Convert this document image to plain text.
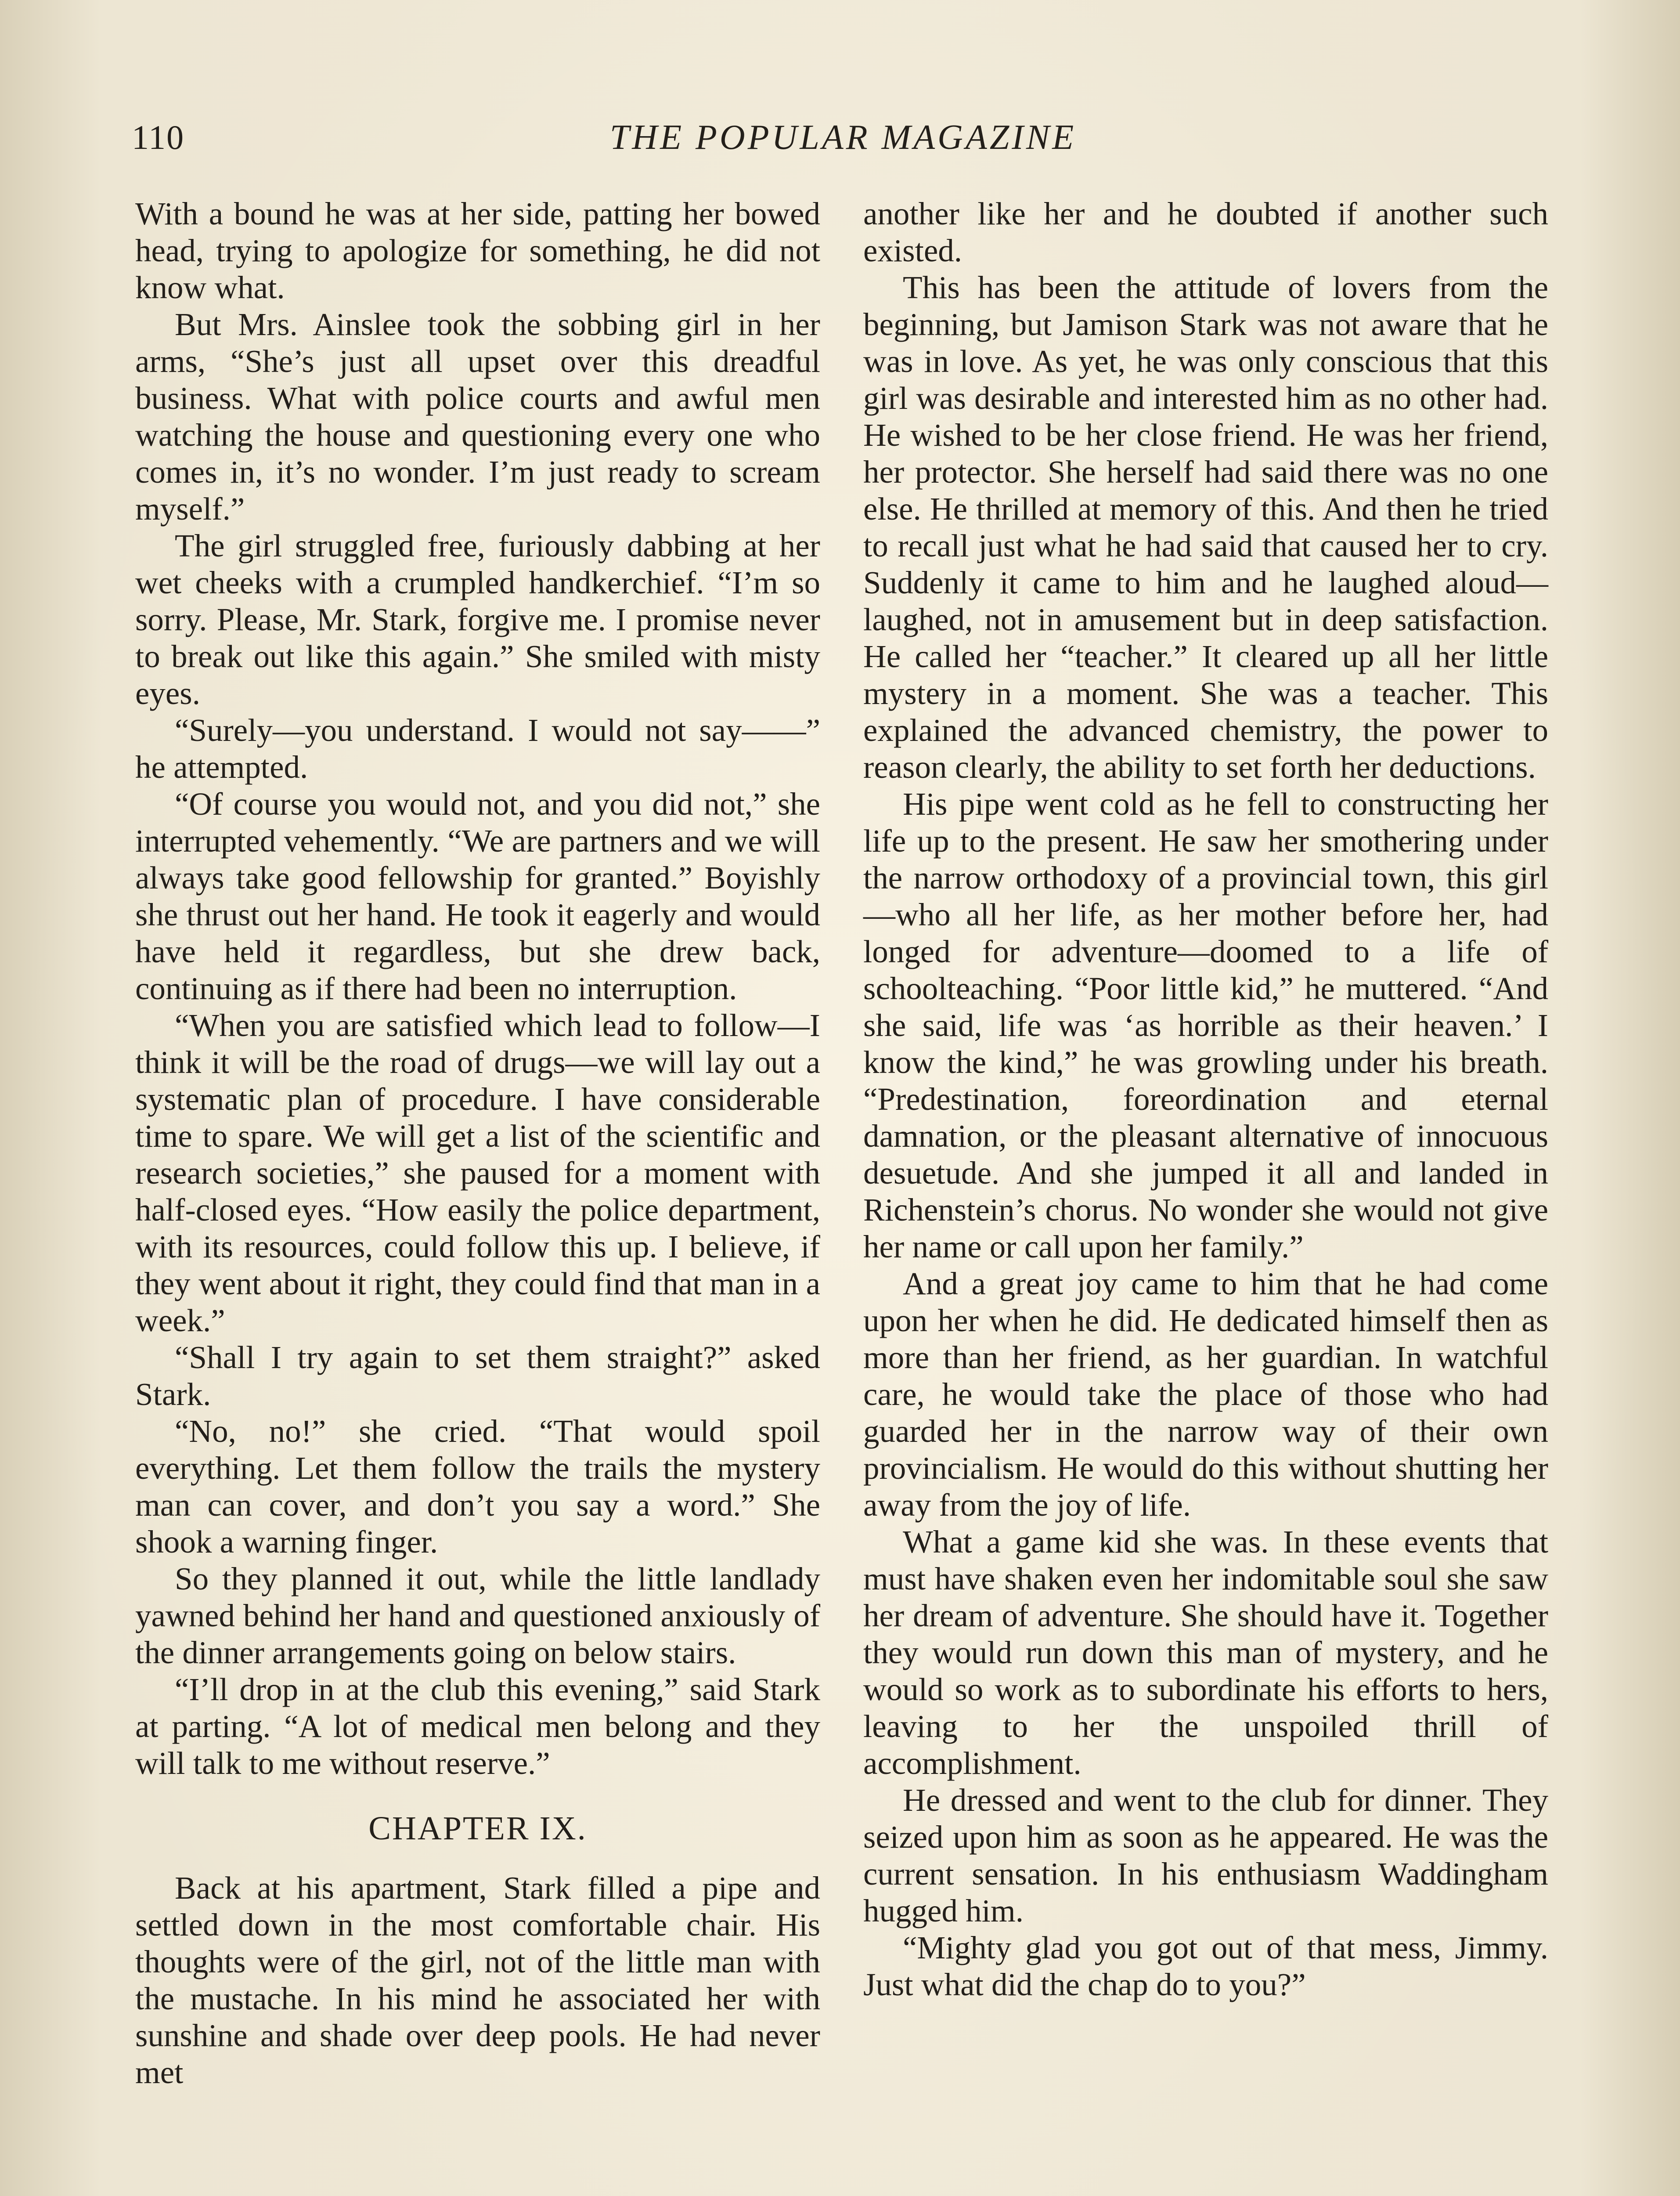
110	THE POPULAR MAGAZINE

With a bound he was at her side, patting her bowed head, trying to apologize for something, he did not know what.

But Mrs. Ainslee took the sobbing girl in her arms, “She’s just all upset over this dreadful business. What with police courts and awful men watching the house and questioning every one who comes in, it’s no wonder. I’m just ready to scream myself.”

The girl struggled free, furiously dabbing at her wet cheeks with a crumpled handkerchief. “I’m so sorry. Please, Mr. Stark, forgive me. I promise never to break out like this again.” She smiled with misty eyes.

“Surely—you understand. I would not say——” he attempted.

“Of course you would not, and you did not,” she interrupted vehemently. “We are partners and we will always take good fellowship for granted.” Boyishly she thrust out her hand. He took it eagerly and would have held it regardless, but she drew back, continuing as if there had been no interruption.

“When you are satisfied which lead to follow—I think it will be the road of drugs—we will lay out a systematic plan of procedure. I have considerable time to spare. We will get a list of the scientific and research societies,” she paused for a moment with half-closed eyes. “How easily the police department, with its resources, could follow this up. I believe, if they went about it right, they could find that man in a week.”

“Shall I try again to set them straight?” asked Stark.

“No, no!” she cried. “That would spoil everything. Let them follow the trails the mystery man can cover, and don’t you say a word.” She shook a warning finger.

So they planned it out, while the little landlady yawned behind her hand and questioned anxiously of the dinner arrangements going on below stairs.

“I’ll drop in at the club this evening,” said Stark at parting. “A lot of medical men belong and they will talk to me without reserve.”

CHAPTER IX.

Back at his apartment, Stark filled a pipe and settled down in the most comfortable chair. His thoughts were of the girl, not of the little man with the mustache. In his mind he associated her with sunshine and shade over deep pools. He had never met

another like her and he doubted if another such existed.

This has been the attitude of lovers from the beginning, but Jamison Stark was not aware that he was in love. As yet, he was only conscious that this girl was desirable and interested him as no other had. He wished to be her close friend. He was her friend, her protector. She herself had said there was no one else. He thrilled at memory of this. And then he tried to recall just what he had said that caused her to cry. Suddenly it came to him and he laughed aloud—laughed, not in amusement but in deep satisfaction. He called her “teacher.” It cleared up all her little mystery in a moment. She was a teacher. This explained the advanced chemistry, the power to reason clearly, the ability to set forth her deductions.

His pipe went cold as he fell to constructing her life up to the present. He saw her smothering under the narrow orthodoxy of a provincial town, this girl—who all her life, as her mother before her, had longed for adventure—doomed to a life of schoolteaching. “Poor little kid,” he muttered. “And she said, life was ‘as horrible as their heaven.’ I know the kind,” he was growling under his breath. “Predestination, foreordination and eternal damnation, or the pleasant alternative of innocuous desuetude. And she jumped it all and landed in Richenstein’s chorus. No wonder she would not give her name or call upon her family.”

And a great joy came to him that he had come upon her when he did. He dedicated himself then as more than her friend, as her guardian. In watchful care, he would take the place of those who had guarded her in the narrow way of their own provincialism. He would do this without shutting her away from the joy of life.

What a game kid she was. In these events that must have shaken even her indomitable soul she saw her dream of adventure. She should have it. Together they would run down this man of mystery, and he would so work as to subordinate his efforts to hers, leaving to her the unspoiled thrill of accomplishment.

He dressed and went to the club for dinner. They seized upon him as soon as he appeared. He was the current sensation. In his enthusiasm Waddingham hugged him.

“Mighty glad you got out of that mess, Jimmy. Just what did the chap do to you?”
